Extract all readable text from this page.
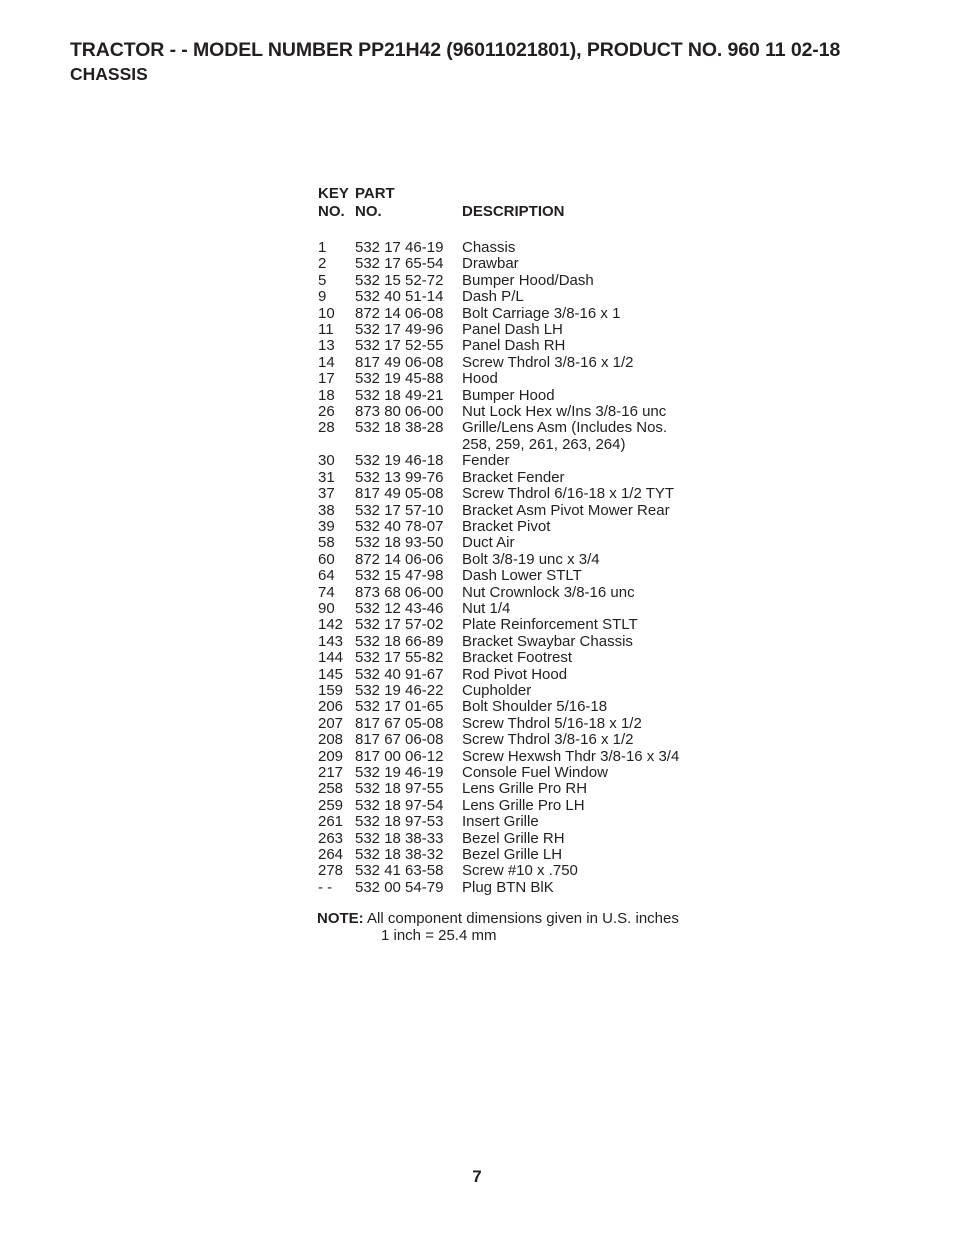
TRACTOR - - MODEL NUMBER PP21H42 (96011021801), PRODUCT NO. 960 11 02-18
CHASSIS
KEY
NO.
PART
NO.	DESCRIPTION
1 532 17 46-19 Chassis
2 532 17 65-54 Drawbar
5 532 15 52-72 Bumper Hood/Dash
9 532 40 51-14 Dash P/L
10 872 14 06-08 Bolt Carriage 3/8-16 x 1
11 532 17 49-96 Panel Dash LH
13 532 17 52-55 Panel Dash RH
14 817 49 06-08 Screw Thdrol 3/8-16 x 1/2
17 532 19 45-88 Hood
18 532 18 49-21 Bumper Hood
26 873 80 06-00 Nut Lock Hex w/Ins 3/8-16 unc
28 532 18 38-28 Grille/Lens Asm (Includes Nos.
258, 259, 261, 263, 264)
30 532 19 46-18 Fender
31 532 13 99-76 Bracket Fender
37 817 49 05-08 Screw Thdrol 6/16-18 x 1/2 TYT
38 532 17 57-10 Bracket Asm Pivot Mower Rear
39 532 40 78-07 Bracket Pivot
58 532 18 93-50 Duct Air
60 872 14 06-06 Bolt 3/8-19 unc x 3/4
64 532 15 47-98 Dash Lower STLT
74 873 68 06-00 Nut Crownlock 3/8-16 unc
90 532 12 43-46 Nut 1/4
142 532 17 57-02 Plate Reinforcement STLT
143 532 18 66-89 Bracket Swaybar Chassis
144 532 17 55-82 Bracket Footrest
145 532 40 91-67 Rod Pivot Hood
159 532 19 46-22 Cupholder
206 532 17 01-65 Bolt Shoulder 5/16-18
207 817 67 05-08 Screw Thdrol 5/16-18 x 1/2
208 817 67 06-08 Screw Thdrol 3/8-16 x 1/2
209 817 00 06-12 Screw Hexwsh Thdr 3/8-16 x 3/4
217 532 19 46-19 Console Fuel Window
258 532 18 97-55 Lens Grille Pro RH
259 532 18 97-54 Lens Grille Pro LH
261 532 18 97-53 Insert Grille
263 532 18 38-33 Bezel Grille RH
264 532 18 38-32 Bezel Grille LH
278 532 41 63-58 Screw #10 x .750
- - 532 00 54-79 Plug BTN BlK
NOTE: All component dimensions given in U.S. inches
1 inch = 25.4 mm
7
